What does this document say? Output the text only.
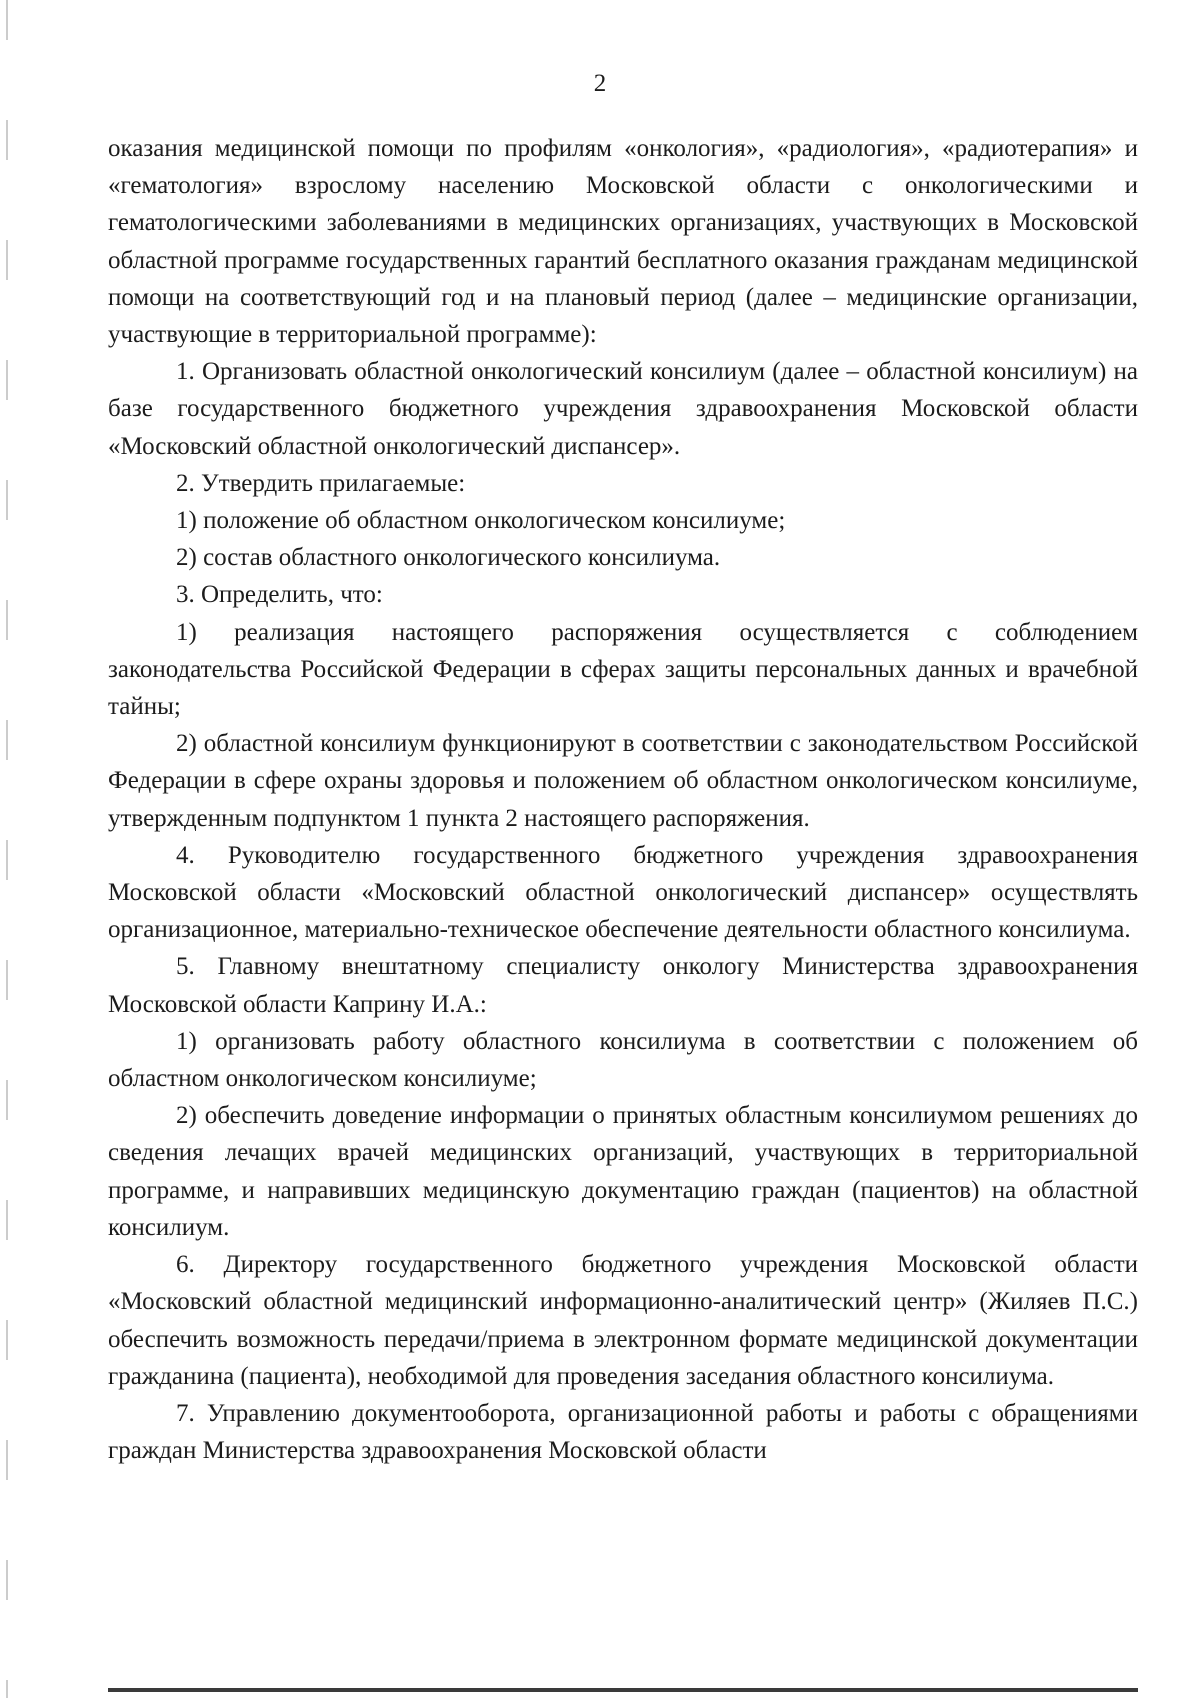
2

оказания медицинской помощи по профилям «онкология», «радиология», «радиотерапия» и «гематология» взрослому населению Московской области с онкологическими и гематологическими заболеваниями в медицинских организациях, участвующих в Московской областной программе государственных гарантий бесплатного оказания гражданам медицинской помощи на соответствующий год и на плановый период (далее – медицинские организации, участвующие в территориальной программе):

1. Организовать областной онкологический консилиум (далее – областной консилиум) на базе государственного бюджетного учреждения здравоохранения Московской области «Московский областной онкологический диспансер».

2. Утвердить прилагаемые:

1) положение об областном онкологическом консилиуме;

2) состав областного онкологического консилиума.

3. Определить, что:

1) реализация настоящего распоряжения осуществляется с соблюдением законодательства Российской Федерации в сферах защиты персональных данных и врачебной тайны;

2) областной консилиум функционируют в соответствии с законодательством Российской Федерации в сфере охраны здоровья и положением об областном онкологическом консилиуме, утвержденным подпунктом 1 пункта 2 настоящего распоряжения.

4. Руководителю государственного бюджетного учреждения здравоохранения Московской области «Московский областной онкологический диспансер» осуществлять организационное, материально-техническое обеспечение деятельности областного консилиума.

5. Главному внештатному специалисту онкологу Министерства здравоохранения Московской области Каприну И.А.:

1) организовать работу областного консилиума в соответствии с положением об областном онкологическом консилиуме;

2) обеспечить доведение информации о принятых областным консилиумом решениях до сведения лечащих врачей медицинских организаций, участвующих в территориальной программе, и направивших медицинскую документацию граждан (пациентов) на областной консилиум.

6. Директору государственного бюджетного учреждения Московской области «Московский областной медицинский информационно-аналитический центр» (Жиляев П.С.) обеспечить возможность передачи/приема в электронном формате медицинской документации гражданина (пациента), необходимой для проведения заседания областного консилиума.

7. Управлению документооборота, организационной работы и работы с обращениями граждан Министерства здравоохранения Московской области
